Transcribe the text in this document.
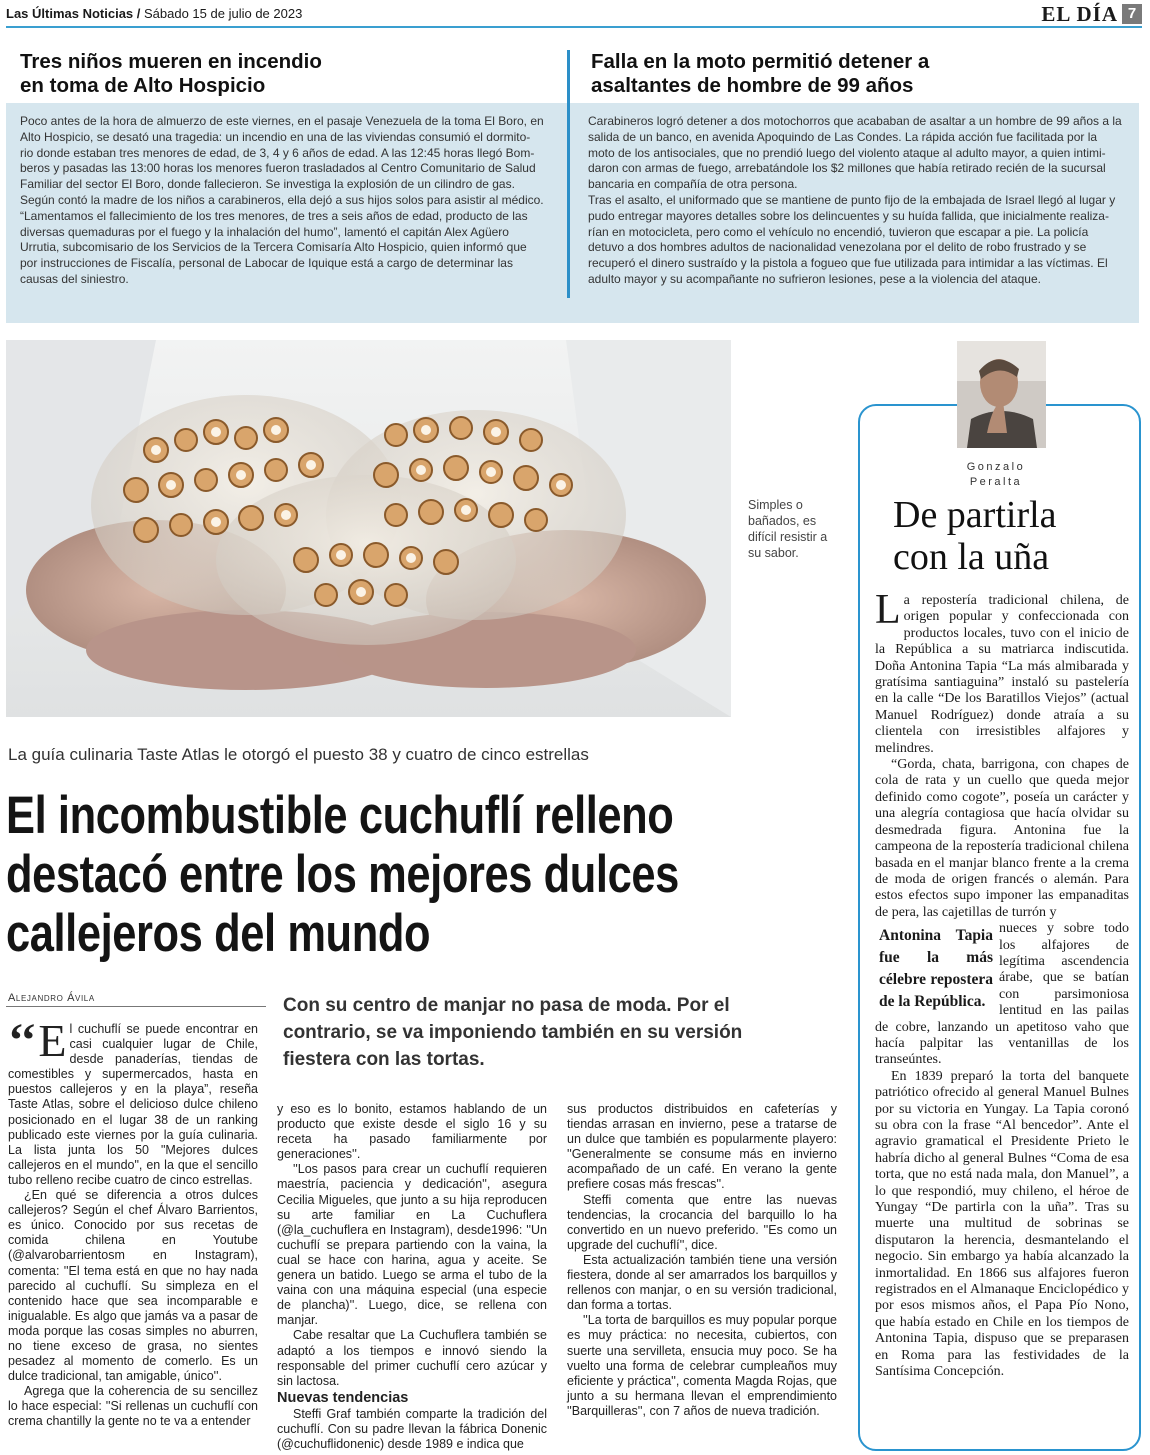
Las Últimas Noticias / Sábado 15 de julio de 2023	EL DÍA 7
Tres niños mueren en incendio
en toma de Alto Hospicio
Falla en la moto permitió detener a
asaltantes de hombre de 99 años
Poco antes de la hora de almuerzo de este viernes, en el pasaje Venezuela de la toma El Boro, en
Alto Hospicio, se desató una tragedia: un incendio en una de las viviendas consumió el dormito-
rio donde estaban tres menores de edad, de 3, 4 y 6 años de edad. A las 12:45 horas llegó Bom-
beros y pasadas las 13:00 horas los menores fueron trasladados al Centro Comunitario de Salud
Familiar del sector El Boro, donde fallecieron. Se investiga la explosión de un cilindro de gas.
Según contó la madre de los niños a carabineros, ella dejó a sus hijos solos para asistir al médico.
“Lamentamos el fallecimiento de los tres menores, de tres a seis años de edad, producto de las
diversas quemaduras por el fuego y la inhalación del humo”, lamentó el capitán Alex Agüero
Urrutia, subcomisario de los Servicios de la Tercera Comisaría Alto Hospicio, quien informó que
por instrucciones de Fiscalía, personal de Labocar de Iquique está a cargo de determinar las
causas del siniestro.
Carabineros logró detener a dos motochorros que acababan de asaltar a un hombre de 99 años a la
salida de un banco, en avenida Apoquindo de Las Condes. La rápida acción fue facilitada por la
moto de los antisociales, que no prendió luego del violento ataque al adulto mayor, a quien intimi-
daron con armas de fuego, arrebatándole los $2 millones que había retirado recién de la sucursal
bancaria en compañía de otra persona.
Tras el asalto, el uniformado que se mantiene de punto fijo de la embajada de Israel llegó al lugar y
pudo entregar mayores detalles sobre los delincuentes y su huída fallida, que inicialmente realiza-
rían en motocicleta, pero como el vehículo no encendió, tuvieron que escapar a pie. La policía
detuvo a dos hombres adultos de nacionalidad venezolana por el delito de robo frustrado y se
recuperó el dinero sustraído y la pistola a fogueo que fue utilizada para intimidar a las víctimas. El
adulto mayor y su acompañante no sufrieron lesiones, pese a la violencia del ataque.
Simples o bañados, es difícil resistir a su sabor.
La guía culinaria Taste Atlas le otorgó el puesto 38 y cuatro de cinco estrellas
El incombustible cuchuflí relleno
destacó entre los mejores dulces
callejeros del mundo
Alejandro Ávila	Con su centro de manjar no pasa de moda. Por el contrario, se va imponiendo también en su versión fiestera con las tortas.

‘‘ E l cuchuflí se puede encontrar en casi cualquier lugar de Chile, desde panaderías, tiendas de comestibles y supermercados, hasta en puestos callejeros y en la playa”, reseña Taste Atlas, sobre el delicioso dulce chileno posicionado en el lugar 38 de un ranking publicado este viernes por la guía culinaria. La lista junta los 50 "Mejores dulces callejeros en el mundo", en la que el sencillo tubo relleno recibe cuatro de cinco estrellas.

¿En qué se diferencia a otros dulces callejeros? Según el chef Álvaro Barrientos, es único. Conocido por sus recetas de comida chilena en Youtube (@alvarobarrientosm en Instagram), comenta: ''El tema está en que no hay nada parecido al cuchuflí. Su simpleza en el contenido hace que sea incomparable e inigualable. Es algo que jamás va a pasar de moda porque las cosas simples no aburren, no tiene exceso de grasa, no sientes pesadez al momento de comerlo. Es un dulce tradicional, tan amigable, único''.

Agrega que la coherencia de su sencillez lo hace especial: ''Si rellenas un cuchuflí con crema chantilly la gente no te va a entender

y eso es lo bonito, estamos hablando de un producto que existe desde el siglo 16 y su receta ha pasado familiarmente por generaciones''.

''Los pasos para crear un cuchuflí requieren maestría, paciencia y dedicación'', asegura Cecilia Migueles, que junto a su hija reproducen su arte familiar en La Cuchuflera (@la_cuchuflera en Instagram), desde1996: ''Un cuchuflí se prepara partiendo con la vaina, la cual se hace con harina, agua y aceite. Se genera un batido. Luego se arma el tubo de la vaina con una máquina especial (una especie de plancha)''. Luego, dice, se rellena con manjar.

Cabe resaltar que La Cuchuflera también se adaptó a los tiempos e innovó siendo la responsable del primer cuchuflí cero azúcar y sin lactosa.

Nuevas tendencias

Steffi Graf también comparte la tradición del cuchuflí. Con su padre llevan la fábrica Donenic (@cuchuflidonenic) desde 1989 e indica que

sus productos distribuidos en cafeterías y tiendas arrasan en invierno, pese a tratarse de un dulce que también es popularmente playero: ''Generalmente se consume más en invierno acompañado de un café. En verano la gente prefiere cosas más frescas''.

Steffi comenta que entre las nuevas tendencias, la crocancia del barquillo lo ha convertido en un nuevo preferido. ''Es como un upgrade del cuchuflí'', dice.

Esta actualización también tiene una versión fiestera, donde al ser amarrados los barquillos y rellenos con manjar, o en su versión tradicional, dan forma a tortas.

''La torta de barquillos es muy popular porque es muy práctica: no necesita, cubiertos, con suerte una servilleta, ensucia muy poco. Se ha vuelto una forma de celebrar cumpleaños muy eficiente y práctica'', comenta Magda Rojas, que junto a su hermana llevan el emprendimiento ''Barquilleras'', con 7 años de nueva tradición.

Gonzalo
Peralta
De partirla
con la uña

La repostería tradicional chilena, de origen popular y confeccionada con productos locales, tuvo con el inicio de la República a su matriarca indiscutida. Doña Antonina Tapia “La más almibarada y gratísima santiaguina” instaló su pastelería en la calle “De los Baratillos Viejos” (actual Manuel Rodríguez) donde atraía a su clientela con irresistibles alfajores y melindres.

“Gorda, chata, barrigona, con chapes de cola de rata y un cuello que queda mejor definido como cogote”, poseía un carácter y una alegría contagiosa que hacía olvidar su desmedrada figura. Antonina fue la campeona de la repostería tradicional chilena basada en el manjar blanco frente a la crema de moda de origen francés o alemán. Para estos efectos supo imponer las empanaditas de pera, las cajetillas de turrón y

Antonina Tapia fue la más célebre repostera de la República.

nueces y sobre todo los alfajores de legítima ascendencia árabe, que se batían con parsimoniosa lentitud en las pailas de cobre, lanzando un apetitoso vaho que hacía palpitar las ventanillas de los transeúntes.

En 1839 preparó la torta del banquete patriótico ofrecido al general Manuel Bulnes por su victoria en Yungay. La Tapia coronó su obra con la frase “Al bencedor”. Ante el agravio gramatical el Presidente Prieto le habría dicho al general Bulnes “Coma de esa torta, que no está nada mala, don Manuel”, a lo que respondió, muy chileno, el héroe de Yungay “De partirla con la uña”. Tras su muerte una multitud de sobrinas se disputaron la herencia, desmantelando el negocio. Sin embargo ya había alcanzado la inmortalidad. En 1866 sus alfajores fueron registrados en el Almanaque Enciclopédico y por esos mismos años, el Papa Pío Nono, que había estado en Chile en los tiempos de Antonina Tapia, dispuso que se preparasen en Roma para las festividades de la Santísima Concepción.
